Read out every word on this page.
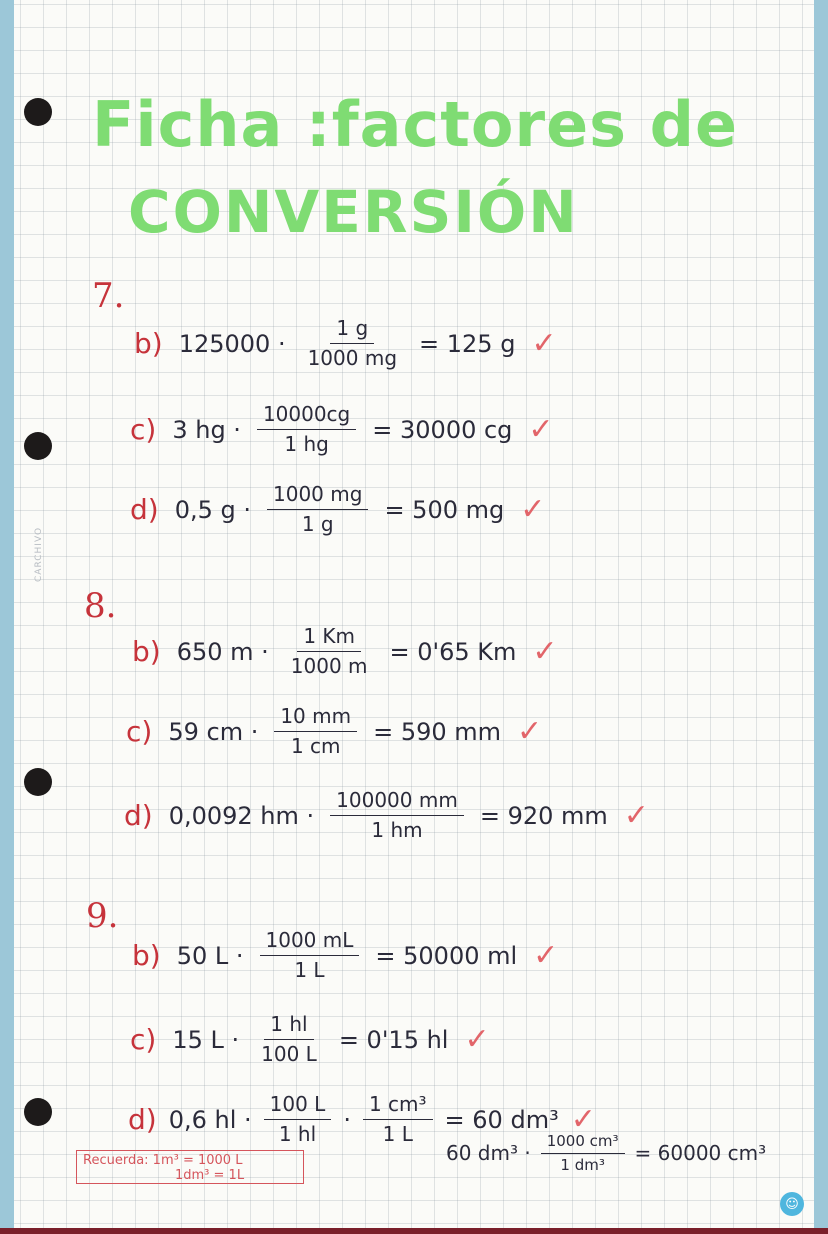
CARCHIVO
Ficha :factores de
CONVERSIÓN
7.
b) $125000 \cdot \frac{1 g}{1000 mg} = 125$ g ✓
c) 3 hg · $\frac{10000cg}{1 hg} = 30000$ cg ✓
d) 0,5 $g \cdot \frac{1000 mg}{1 g} = 500$ mg ✓
8.
b) 650 $m \cdot \frac{1 Km}{1000 m} = 0'65$ Km ✓
c) 59 cm · $\frac{10 mm}{1 cm} = 590$ mm ✓
d) 0,0092 hm · $\frac{100000 mm}{1 hm} = 920$ mm ✓
9.
b) 50 $L \cdot \frac{1000 mL}{1 L} = 50000$ ml ✓
c) 15 $L \cdot \frac{1 hl}{100 L} = 0'15$ hl ✓
d) 0,6 hl · $\frac{100 L}{1 hl} \cdot \frac{\text{1 cm³}}{1 L} = 60$ dm³ ✓
60 $dm^3 \cdot \frac{\text{1000 cm³}}{\text{1 dm³}} = 60000$ cm³
Recuerda: 1m³ = 1000 L
1dm³ = 1L
☺
